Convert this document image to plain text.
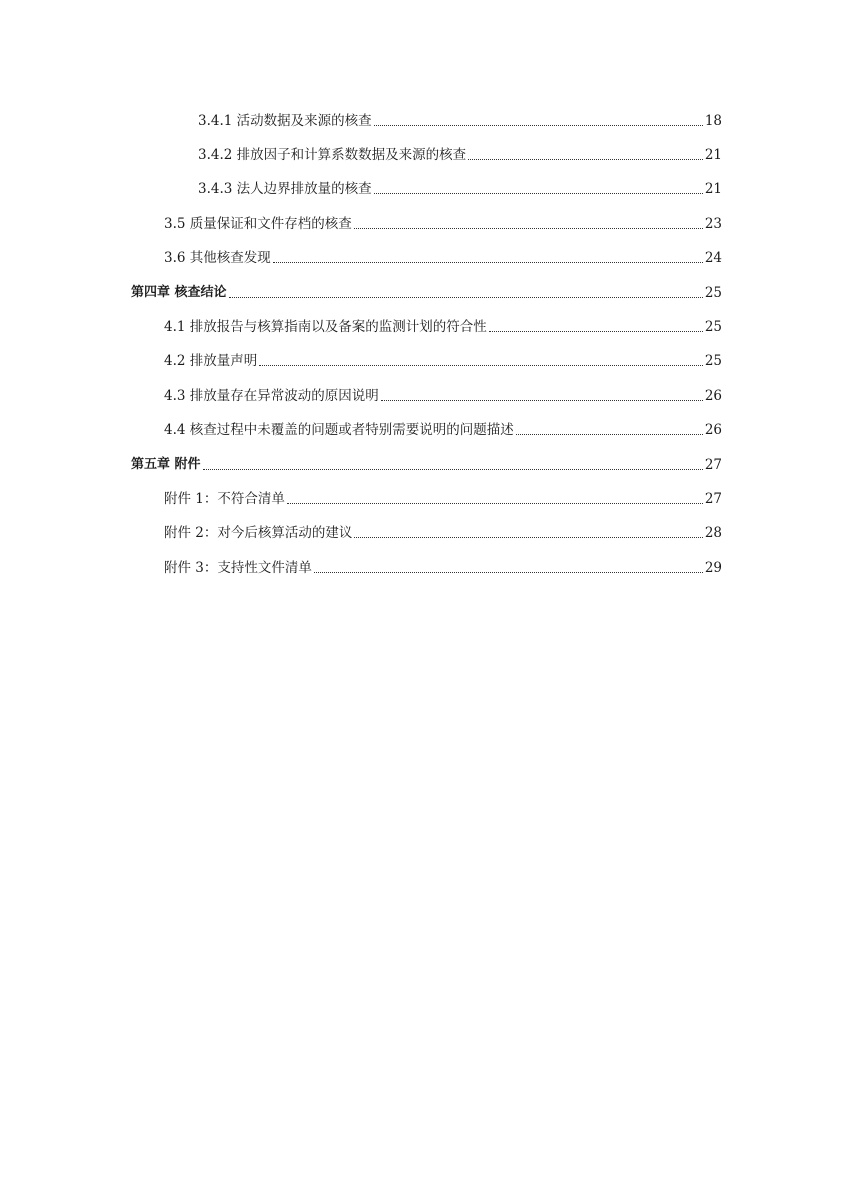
3.4.1 活动数据及来源的核查	18
3.4.2 排放因子和计算系数数据及来源的核查	21
3.4.3 法人边界排放量的核查	21
3.5 质量保证和文件存档的核查	23
3.6 其他核查发现	24
第四章 核查结论	25
4.1 排放报告与核算指南以及备案的监测计划的符合性	25
4.2 排放量声明	25
4.3 排放量存在异常波动的原因说明	26
4.4 核查过程中未覆盖的问题或者特别需要说明的问题描述	26
第五章 附件	27
附件 1：不符合清单	27
附件 2：对今后核算活动的建议	28
附件 3：支持性文件清单	29
